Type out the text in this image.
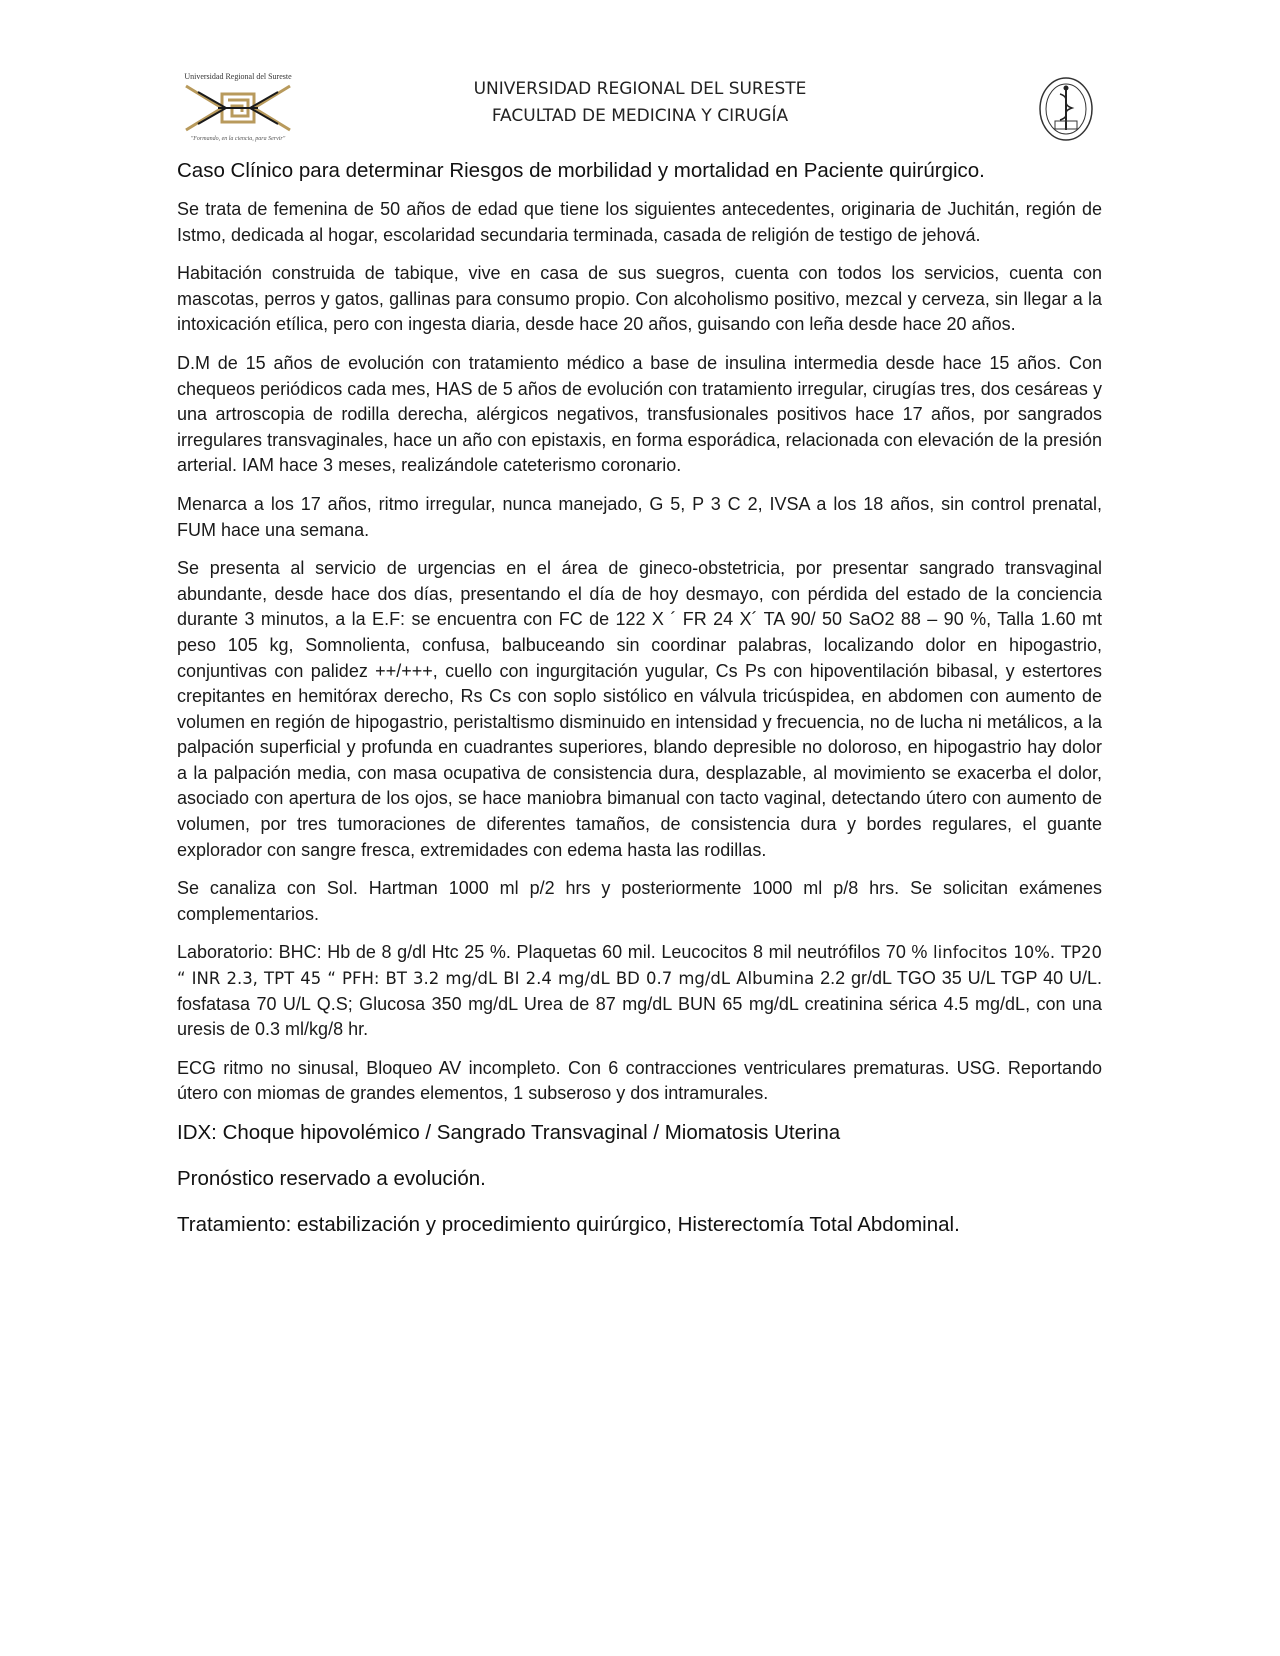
Universidad Regional del Sureste
"Formando, en la ciencia, para Servir"
UNIVERSIDAD REGIONAL DEL SURESTE
FACULTAD DE MEDICINA Y CIRUGÍA
Caso Clínico para determinar Riesgos de morbilidad y mortalidad en Paciente quirúrgico.

Se trata de femenina de 50 años de edad que tiene los siguientes antecedentes, originaria de Juchitán, región de Istmo, dedicada al hogar, escolaridad secundaria terminada, casada de religión de testigo de jehová.

Habitación construida de tabique, vive en casa de sus suegros, cuenta con todos los servicios, cuenta con mascotas, perros y gatos, gallinas para consumo propio. Con alcoholismo positivo, mezcal y cerveza, sin llegar a la intoxicación etílica, pero con ingesta diaria, desde hace 20 años, guisando con leña desde hace 20 años.

D.M de 15 años de evolución con tratamiento médico a base de insulina intermedia desde hace 15 años. Con chequeos periódicos cada mes, HAS de 5 años de evolución con tratamiento irregular, cirugías tres, dos cesáreas y una artroscopia de rodilla derecha, alérgicos negativos, transfusionales positivos hace 17 años, por sangrados irregulares transvaginales, hace un año con epistaxis, en forma esporádica, relacionada con elevación de la presión arterial. IAM hace 3 meses, realizándole cateterismo coronario.

Menarca a los 17 años, ritmo irregular, nunca manejado, G 5, P 3 C 2, IVSA a los 18 años, sin control prenatal, FUM hace una semana.

Se presenta al servicio de urgencias en el área de gineco-obstetricia, por presentar sangrado transvaginal abundante, desde hace dos días, presentando el día de hoy desmayo, con pérdida del estado de la conciencia durante 3 minutos, a la E.F: se encuentra con FC de 122 X ´ FR 24 X´ TA 90/ 50 SaO2 88 – 90 %, Talla 1.60 mt peso 105 kg, Somnolienta, confusa, balbuceando sin coordinar palabras, localizando dolor en hipogastrio, conjuntivas con palidez ++/+++, cuello con ingurgitación yugular, Cs Ps con hipoventilación bibasal, y estertores crepitantes en hemitórax derecho, Rs Cs con soplo sistólico en válvula tricúspidea, en abdomen con aumento de volumen en región de hipogastrio, peristaltismo disminuido en intensidad y frecuencia, no de lucha ni metálicos, a la palpación superficial y profunda en cuadrantes superiores, blando depresible no doloroso, en hipogastrio hay dolor a la palpación media, con masa ocupativa de consistencia dura, desplazable, al movimiento se exacerba el dolor, asociado con apertura de los ojos, se hace maniobra bimanual con tacto vaginal, detectando útero con aumento de volumen, por tres tumoraciones de diferentes tamaños, de consistencia dura y bordes regulares, el guante explorador con sangre fresca, extremidades con edema hasta las rodillas.

Se canaliza con Sol. Hartman 1000 ml p/2 hrs y posteriormente 1000 ml p/8 hrs. Se solicitan exámenes complementarios.

Laboratorio: BHC: Hb de 8 g/dl Htc 25 %. Plaquetas 60 mil. Leucocitos 8 mil neutrófilos 70 % linfocitos 10%. TP20 “ INR 2.3, TPT 45 “ PFH: BT 3.2 mg/dL BI 2.4 mg/dL BD 0.7 mg/dL Albumina 2.2 gr/dL TGO 35 U/L TGP 40 U/L. fosfatasa 70 U/L Q.S; Glucosa 350 mg/dL Urea de 87 mg/dL BUN 65 mg/dL creatinina sérica 4.5 mg/dL, con una uresis de 0.3 ml/kg/8 hr.

ECG ritmo no sinusal, Bloqueo AV incompleto. Con 6 contracciones ventriculares prematuras. USG. Reportando útero con miomas de grandes elementos, 1 subseroso y dos intramurales.

IDX: Choque hipovolémico / Sangrado Transvaginal / Miomatosis Uterina
Pronóstico reservado a evolución.
Tratamiento: estabilización y procedimiento quirúrgico, Histerectomía Total Abdominal.
